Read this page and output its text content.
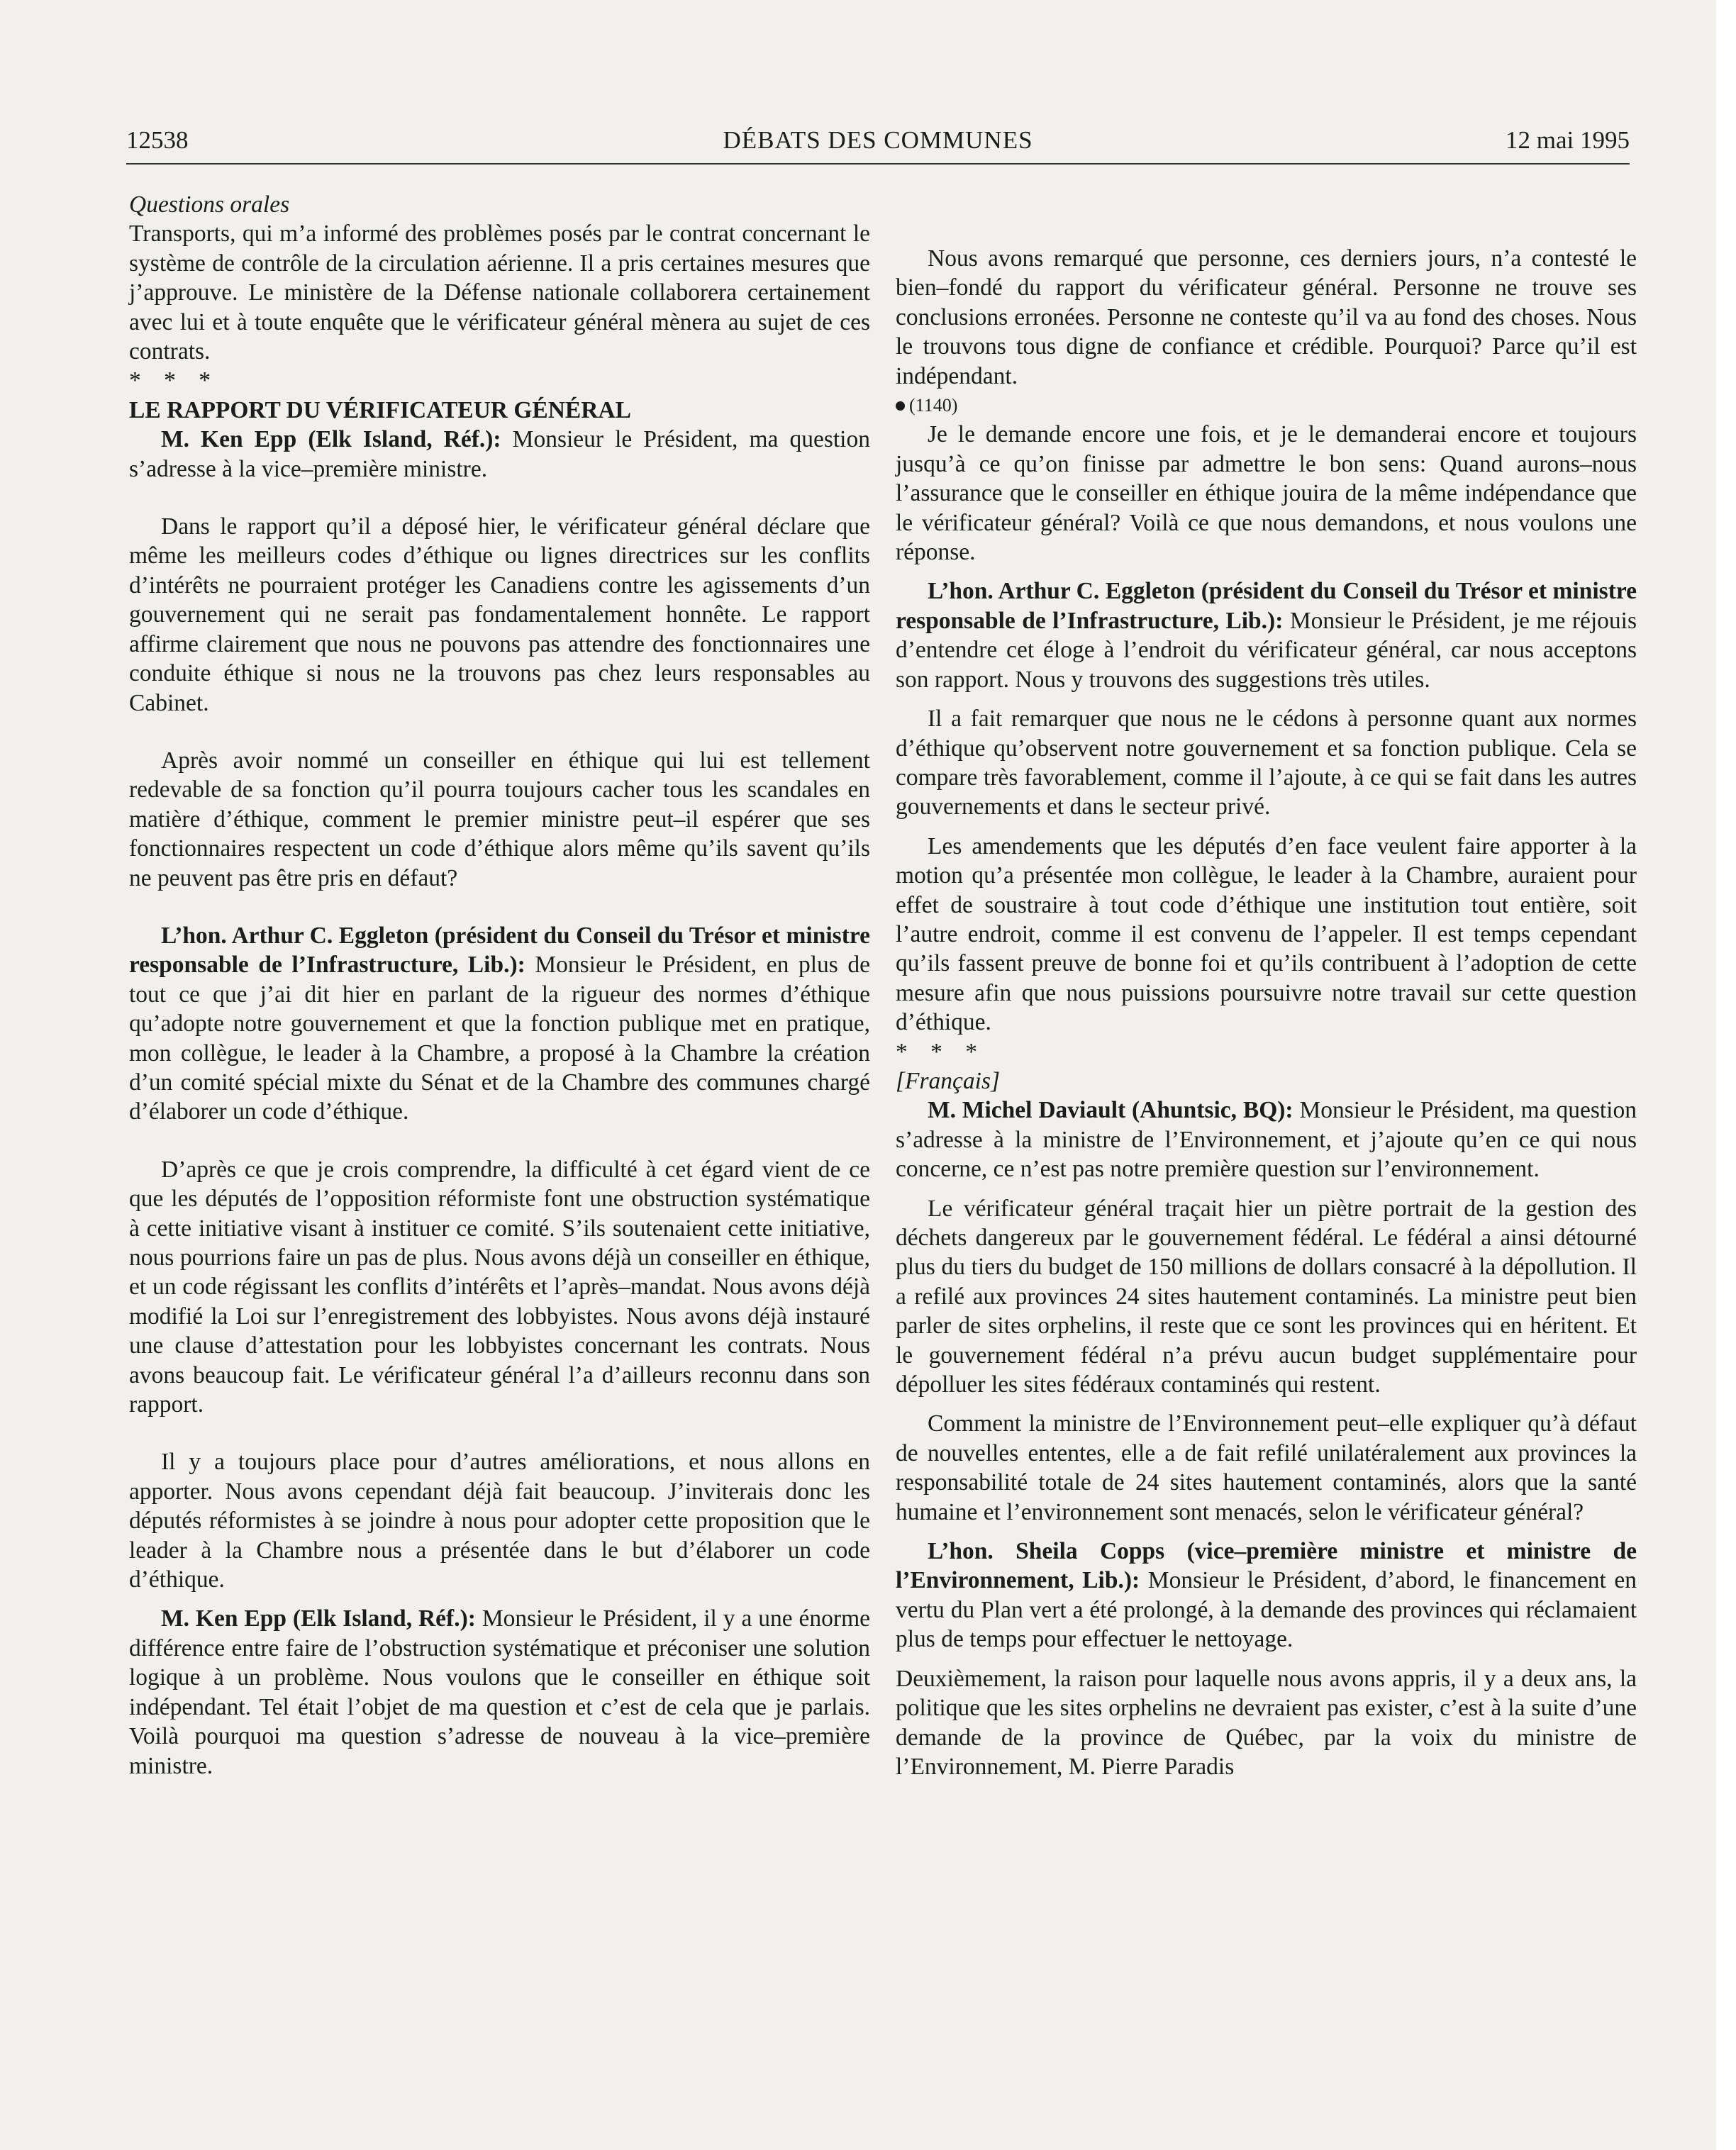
12538	DÉBATS DES COMMUNES	12 mai 1995

Questions orales

Transports, qui m’a informé des problèmes posés par le contrat concernant le système de contrôle de la circulation aérienne. Il a pris certaines mesures que j’approuve. Le ministère de la Défense nationale collaborera certainement avec lui et à toute enquête que le vérificateur général mènera au sujet de ces contrats.

* * *

LE RAPPORT DU VÉRIFICATEUR GÉNÉRAL

M. Ken Epp (Elk Island, Réf.): Monsieur le Président, ma question s’adresse à la vice–première ministre.

Dans le rapport qu’il a déposé hier, le vérificateur général déclare que même les meilleurs codes d’éthique ou lignes directrices sur les conflits d’intérêts ne pourraient protéger les Canadiens contre les agissements d’un gouvernement qui ne serait pas fondamentalement honnête. Le rapport affirme clairement que nous ne pouvons pas attendre des fonctionnaires une conduite éthique si nous ne la trouvons pas chez leurs responsables au Cabinet.

Après avoir nommé un conseiller en éthique qui lui est tellement redevable de sa fonction qu’il pourra toujours cacher tous les scandales en matière d’éthique, comment le premier ministre peut–il espérer que ses fonctionnaires respectent un code d’éthique alors même qu’ils savent qu’ils ne peuvent pas être pris en défaut?

L’hon. Arthur C. Eggleton (président du Conseil du Trésor et ministre responsable de l’Infrastructure, Lib.): Monsieur le Président, en plus de tout ce que j’ai dit hier en parlant de la rigueur des normes d’éthique qu’adopte notre gouvernement et que la fonction publique met en pratique, mon collègue, le leader à la Chambre, a proposé à la Chambre la création d’un comité spécial mixte du Sénat et de la Chambre des communes chargé d’élaborer un code d’éthique.

D’après ce que je crois comprendre, la difficulté à cet égard vient de ce que les députés de l’opposition réformiste font une obstruction systématique à cette initiative visant à instituer ce comité. S’ils soutenaient cette initiative, nous pourrions faire un pas de plus. Nous avons déjà un conseiller en éthique, et un code régissant les conflits d’intérêts et l’après–mandat. Nous avons déjà modifié la Loi sur l’enregistrement des lobbyistes. Nous avons déjà instauré une clause d’attestation pour les lobbyistes concernant les contrats. Nous avons beaucoup fait. Le vérificateur général l’a d’ailleurs reconnu dans son rapport.

Il y a toujours place pour d’autres améliorations, et nous allons en apporter. Nous avons cependant déjà fait beaucoup. J’inviterais donc les députés réformistes à se joindre à nous pour adopter cette proposition que le leader à la Chambre nous a présentée dans le but d’élaborer un code d’éthique.

M. Ken Epp (Elk Island, Réf.): Monsieur le Président, il y a une énorme différence entre faire de l’obstruction systématique et préconiser une solution logique à un problème. Nous voulons que le conseiller en éthique soit indépendant. Tel était l’objet de ma question et c’est de cela que je parlais. Voilà pourquoi ma question s’adresse de nouveau à la vice–première ministre.

Nous avons remarqué que personne, ces derniers jours, n’a contesté le bien–fondé du rapport du vérificateur général. Personne ne trouve ses conclusions erronées. Personne ne conteste qu’il va au fond des choses. Nous le trouvons tous digne de confiance et crédible. Pourquoi? Parce qu’il est indépendant.

(1140)

Je le demande encore une fois, et je le demanderai encore et toujours jusqu’à ce qu’on finisse par admettre le bon sens: Quand aurons–nous l’assurance que le conseiller en éthique jouira de la même indépendance que le vérificateur général? Voilà ce que nous demandons, et nous voulons une réponse.

L’hon. Arthur C. Eggleton (président du Conseil du Trésor et ministre responsable de l’Infrastructure, Lib.): Monsieur le Président, je me réjouis d’entendre cet éloge à l’endroit du vérificateur général, car nous acceptons son rapport. Nous y trouvons des suggestions très utiles.

Il a fait remarquer que nous ne le cédons à personne quant aux normes d’éthique qu’observent notre gouvernement et sa fonction publique. Cela se compare très favorablement, comme il l’ajoute, à ce qui se fait dans les autres gouvernements et dans le secteur privé.

Les amendements que les députés d’en face veulent faire apporter à la motion qu’a présentée mon collègue, le leader à la Chambre, auraient pour effet de soustraire à tout code d’éthique une institution tout entière, soit l’autre endroit, comme il est convenu de l’appeler. Il est temps cependant qu’ils fassent preuve de bonne foi et qu’ils contribuent à l’adoption de cette mesure afin que nous puissions poursuivre notre travail sur cette question d’éthique.

* * *

[Français]

M. Michel Daviault (Ahuntsic, BQ): Monsieur le Président, ma question s’adresse à la ministre de l’Environnement, et j’ajoute qu’en ce qui nous concerne, ce n’est pas notre première question sur l’environnement.

Le vérificateur général traçait hier un piètre portrait de la gestion des déchets dangereux par le gouvernement fédéral. Le fédéral a ainsi détourné plus du tiers du budget de 150 millions de dollars consacré à la dépollution. Il a refilé aux provinces 24 sites hautement contaminés. La ministre peut bien parler de sites orphelins, il reste que ce sont les provinces qui en héritent. Et le gouvernement fédéral n’a prévu aucun budget supplémentaire pour dépolluer les sites fédéraux contaminés qui restent.

Comment la ministre de l’Environnement peut–elle expliquer qu’à défaut de nouvelles ententes, elle a de fait refilé unilatéralement aux provinces la responsabilité totale de 24 sites hautement contaminés, alors que la santé humaine et l’environnement sont menacés, selon le vérificateur général?

L’hon. Sheila Copps (vice–première ministre et ministre de l’Environnement, Lib.): Monsieur le Président, d’abord, le financement en vertu du Plan vert a été prolongé, à la demande des provinces qui réclamaient plus de temps pour effectuer le nettoyage.

Deuxièmement, la raison pour laquelle nous avons appris, il y a deux ans, la politique que les sites orphelins ne devraient pas exister, c’est à la suite d’une demande de la province de Québec, par la voix du ministre de l’Environnement, M. Pierre Paradis
